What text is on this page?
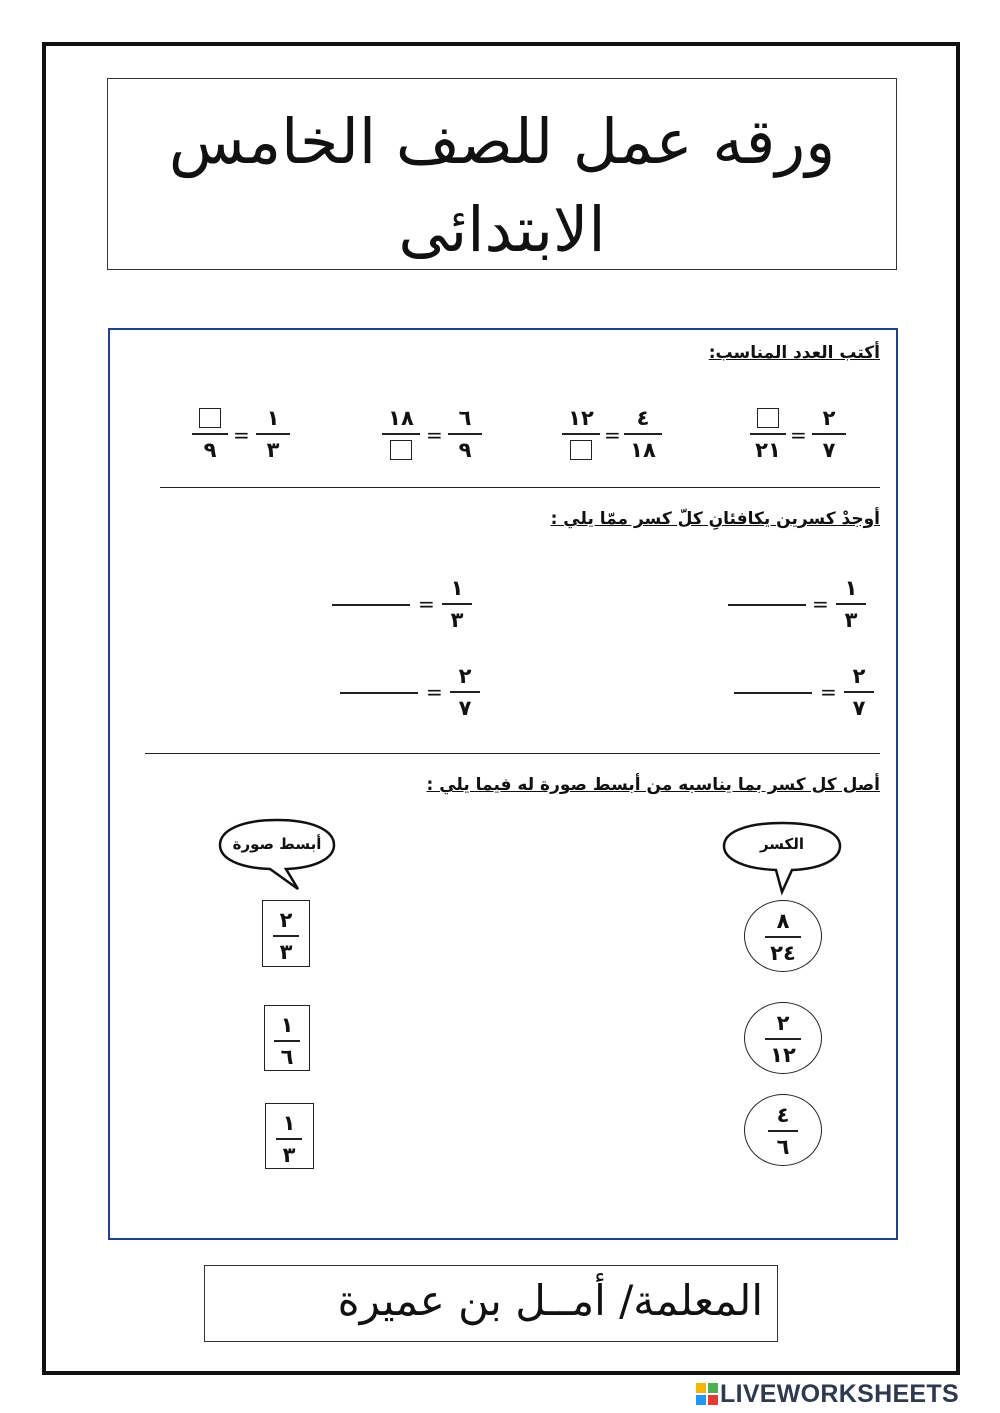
ورقه عمل للصف الخامس
الابتدائى
أكتب العدد المناسب:
٢
٧
=
٢١
٤
١٨
=
١٢
٦
٩
=
١٨
١
٣
=
٩
أوجدْ كسرين يكافئانِ كلّ كسر ممّا يلي :
١
٣
=
١
٣
=
٢
٧
=
٢
٧
=
أصل كل كسر بما يناسبه من أبسط صورة له فيما يلي :
الكسر
أبسط صورة
٨
٢٤
٢
١٢
٤
٦
٢
٣
١
٦
١
٣
المعلمة/ أمــل بن عميرة
LIVEWORKSHEETS
